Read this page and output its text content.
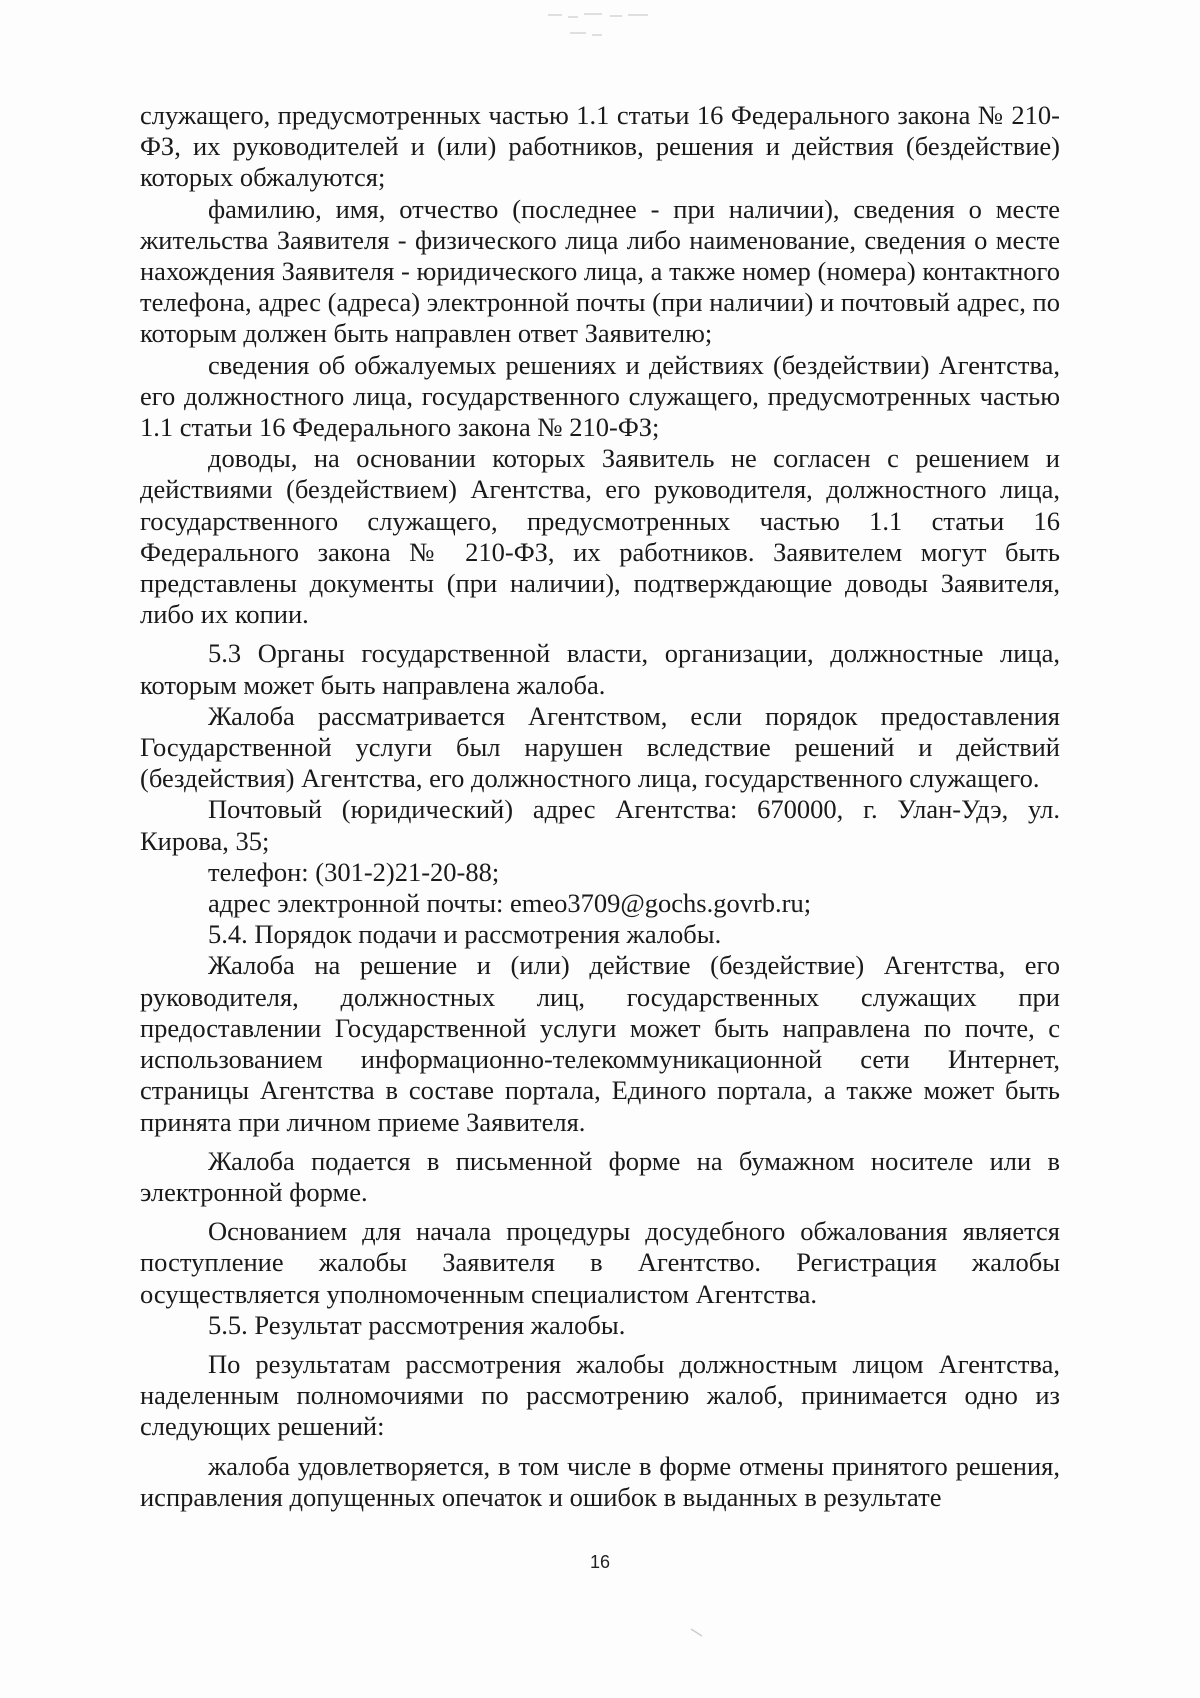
служащего, предусмотренных частью 1.1 статьи 16 Федерального закона № 210-ФЗ, их руководителей и (или) работников, решения и действия (бездействие) которых обжалуются;

фамилию, имя, отчество (последнее - при наличии), сведения о месте жительства Заявителя - физического лица либо наименование, сведения о месте нахождения Заявителя - юридического лица, а также номер (номера) контактного телефона, адрес (адреса) электронной почты (при наличии) и почтовый адрес, по которым должен быть направлен ответ Заявителю;

сведения об обжалуемых решениях и действиях (бездействии) Агентства, его должностного лица, государственного служащего, предусмотренных частью 1.1 статьи 16 Федерального закона № 210-ФЗ;

доводы, на основании которых Заявитель не согласен с решением и действиями (бездействием) Агентства, его руководителя, должностного лица, государственного служащего, предусмотренных частью 1.1 статьи 16 Федерального закона № 210-ФЗ, их работников. Заявителем могут быть представлены документы (при наличии), подтверждающие доводы Заявителя, либо их копии.

5.3 Органы государственной власти, организации, должностные лица, которым может быть направлена жалоба.

Жалоба рассматривается Агентством, если порядок предоставления Государственной услуги был нарушен вследствие решений и действий (бездействия) Агентства, его должностного лица, государственного служащего.

Почтовый (юридический) адрес Агентства: 670000, г. Улан-Удэ, ул. Кирова, 35;

телефон: (301-2)21-20-88;

адрес электронной почты: emeo3709@gochs.govrb.ru;

5.4. Порядок подачи и рассмотрения жалобы.

Жалоба на решение и (или) действие (бездействие) Агентства, его руководителя, должностных лиц, государственных служащих при предоставлении Государственной услуги может быть направлена по почте, с использованием информационно-телекоммуникационной сети Интернет, страницы Агентства в составе портала, Единого портала, а также может быть принята при личном приеме Заявителя.

Жалоба подается в письменной форме на бумажном носителе или в электронной форме.

Основанием для начала процедуры досудебного обжалования является поступление жалобы Заявителя в Агентство. Регистрация жалобы осуществляется уполномоченным специалистом Агентства.

5.5. Результат рассмотрения жалобы.

По результатам рассмотрения жалобы должностным лицом Агентства, наделенным полномочиями по рассмотрению жалоб, принимается одно из следующих решений:

жалоба удовлетворяется, в том числе в форме отмены принятого решения, исправления допущенных опечаток и ошибок в выданных в результате

16
